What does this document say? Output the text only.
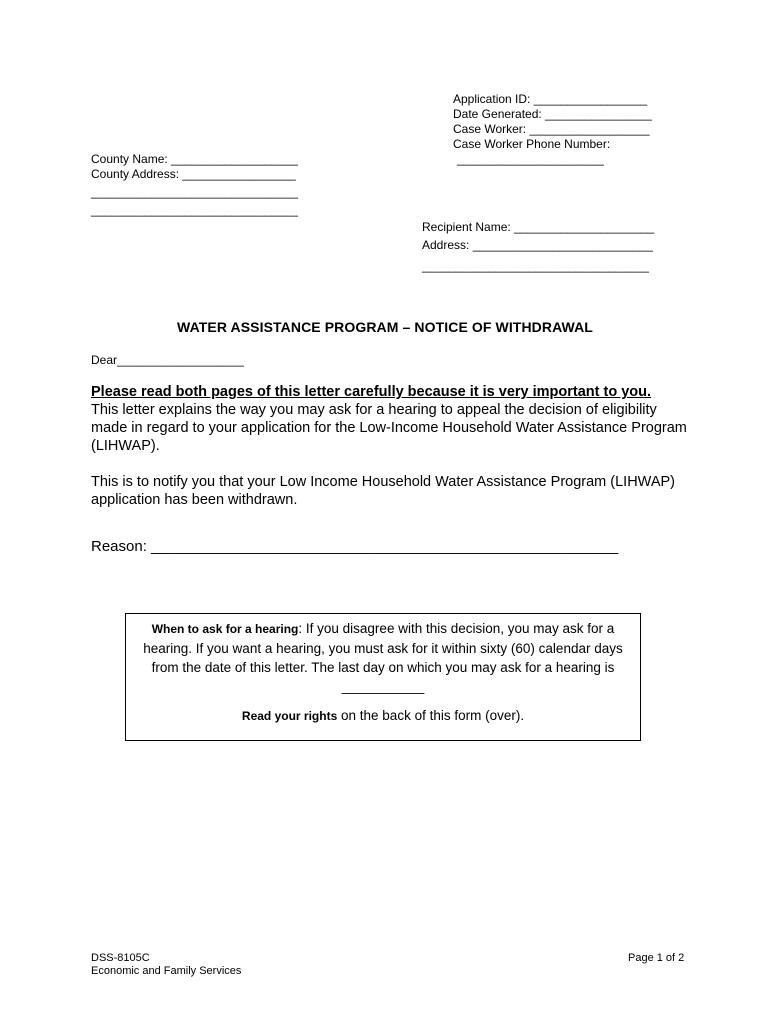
Application ID: _________________
Date Generated: ________________
Case Worker: __________________
Case Worker Phone Number:
______________________
County Name: ___________________
County Address: _________________
_______________________________
_______________________________
Recipient Name: _____________________
Address: ___________________________
__________________________________
WATER ASSISTANCE PROGRAM – NOTICE OF WITHDRAWAL
Dear___________________
Please read both pages of this letter carefully because it is very important to you.

This letter explains the way you may ask for a hearing to appeal the decision of eligibility made in regard to your application for the Low-Income Household Water Assistance Program (LIHWAP).

This is to notify you that your Low Income Household Water Assistance Program (LIHWAP) application has been withdrawn.

Reason: ________________________________________________________
When to ask for a hearing: If you disagree with this decision, you may ask for a hearing. If you want a hearing, you must ask for it within sixty (60) calendar days from the date of this letter. The last day on which you may ask for a hearing is
___________
Read your rights on the back of this form (over).
DSS-8105C
Economic and Family Services
Page 1 of 2
